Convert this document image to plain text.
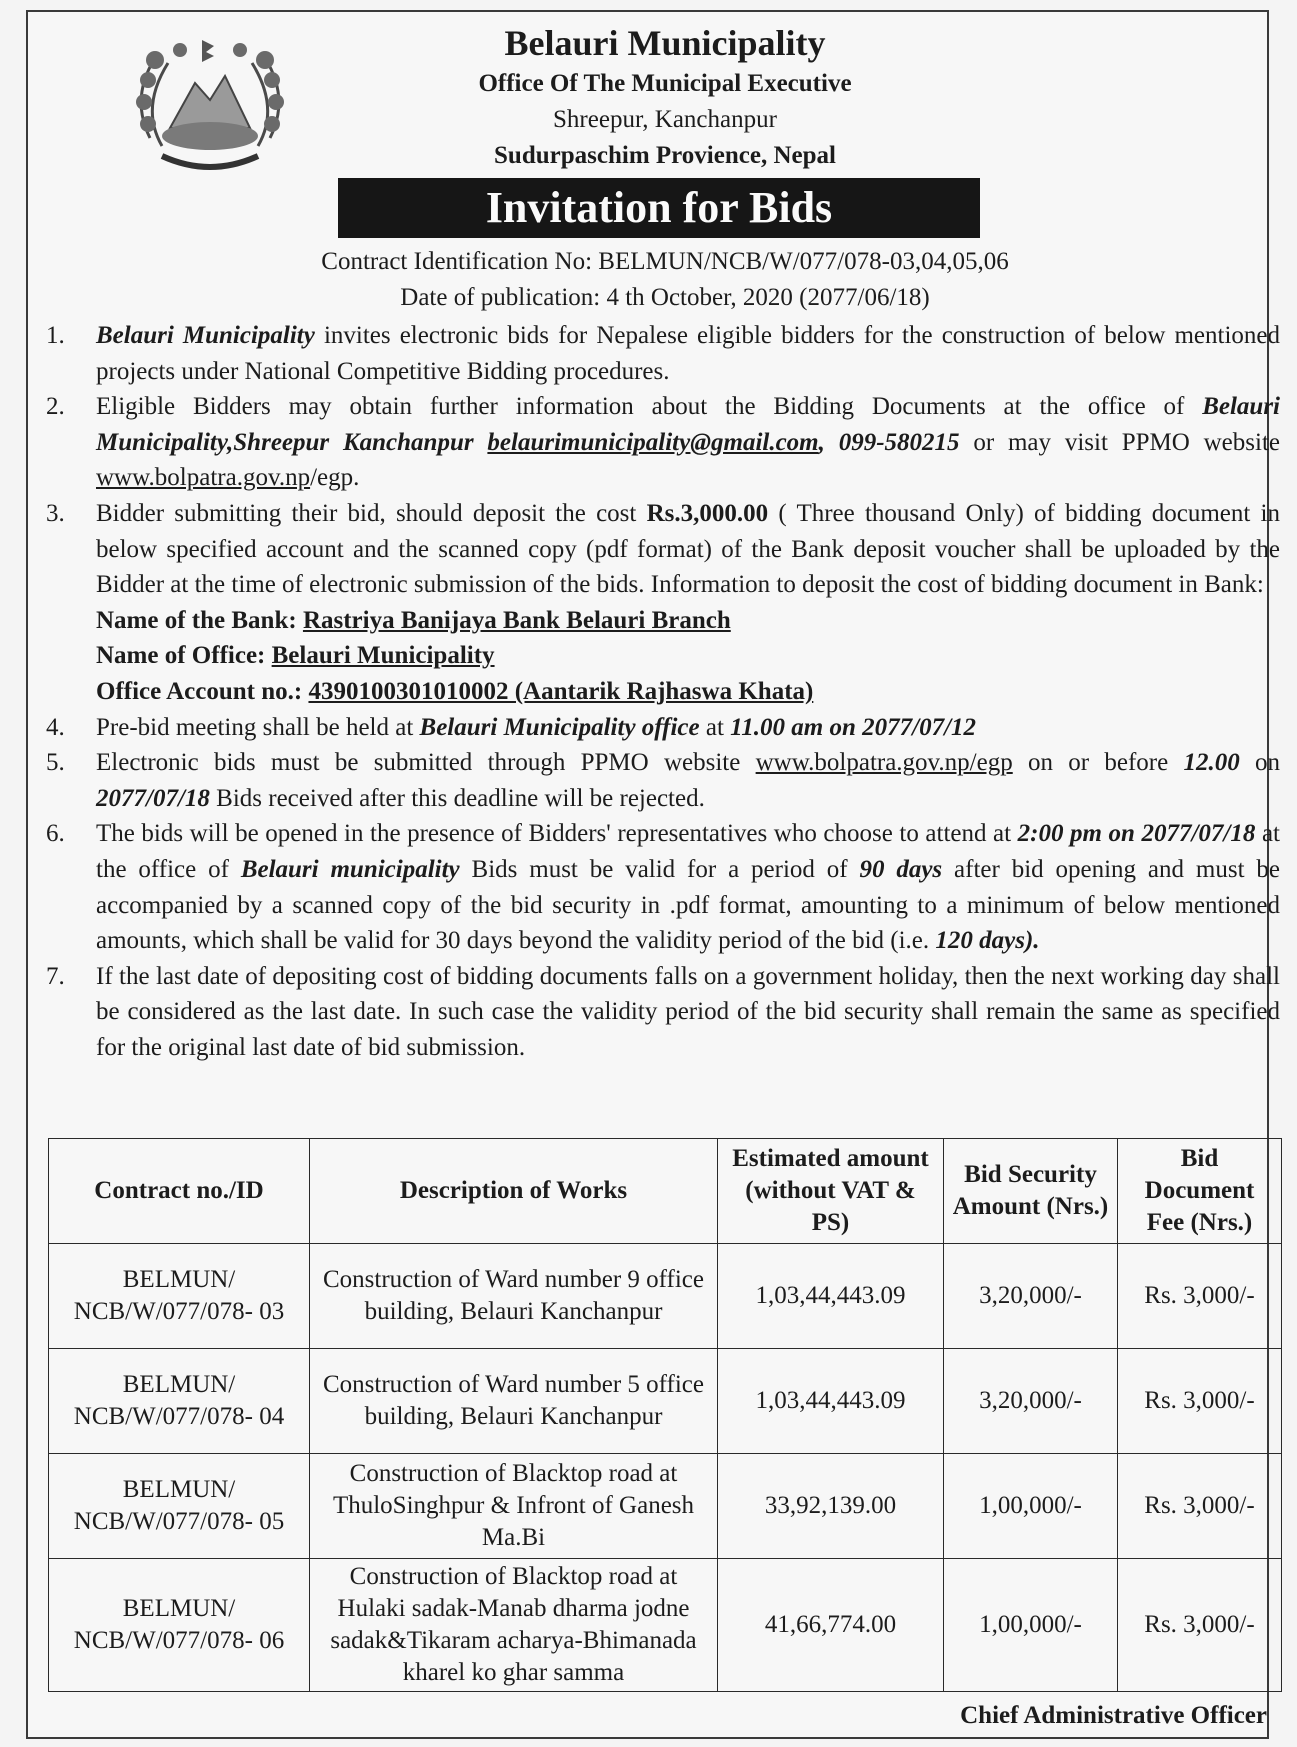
Belauri Municipality
Office Of The Municipal Executive
Shreepur, Kanchanpur
Sudurpaschim Provience, Nepal
Invitation for Bids
Contract Identification No: BELMUN/NCB/W/077/078-03,04,05,06
Date of publication: 4 th October, 2020 (2077/06/18)
1. Belauri Municipality invites electronic bids for Nepalese eligible bidders for the construction of below mentioned projects under National Competitive Bidding procedures.
2. Eligible Bidders may obtain further information about the Bidding Documents at the office of Belauri Municipality,Shreepur Kanchanpur belaurimunicipality@gmail.com, 099-580215 or may visit PPMO website www.bolpatra.gov.np/egp.
3. Bidder submitting their bid, should deposit the cost Rs.3,000.00 ( Three thousand Only) of bidding document in below specified account and the scanned copy (pdf format) of the Bank deposit voucher shall be uploaded by the Bidder at the time of electronic submission of the bids. Information to deposit the cost of bidding document in Bank:
Name of the Bank: Rastriya Banijaya Bank Belauri Branch
Name of Office: Belauri Municipality
Office Account no.: 4390100301010002 (Aantarik Rajhaswa Khata)
4. Pre-bid meeting shall be held at Belauri Municipality office at 11.00 am on 2077/07/12
5. Electronic bids must be submitted through PPMO website www.bolpatra.gov.np/egp on or before 12.00 on 2077/07/18 Bids received after this deadline will be rejected.
6. The bids will be opened in the presence of Bidders' representatives who choose to attend at 2:00 pm on 2077/07/18 at the office of Belauri municipality Bids must be valid for a period of 90 days after bid opening and must be accompanied by a scanned copy of the bid security in .pdf format, amounting to a minimum of below mentioned amounts, which shall be valid for 30 days beyond the validity period of the bid (i.e. 120 days).
7. If the last date of depositing cost of bidding documents falls on a government holiday, then the next working day shall be considered as the last date. In such case the validity period of the bid security shall remain the same as specified for the original last date of bid submission.
Contract no./ID	Description of Works	Estimated amount (without VAT & PS)	Bid Security Amount (Nrs.)	Bid Document Fee (Nrs.)

BELMUN/
NCB/W/077/078- 03	Construction of Ward number 9 office building, Belauri Kanchanpur	1,03,44,443.09	3,20,000/-	Rs. 3,000/-

BELMUN/
NCB/W/077/078- 04	Construction of Ward number 5 office building, Belauri Kanchanpur	1,03,44,443.09	3,20,000/-	Rs. 3,000/-

BELMUN/
NCB/W/077/078- 05	Construction of Blacktop road at ThuloSinghpur & Infront of Ganesh Ma.Bi	33,92,139.00	1,00,000/-	Rs. 3,000/-

BELMUN/
NCB/W/077/078- 06	Construction of Blacktop road at Hulaki sadak-Manab dharma jodne sadak&Tikaram acharya-Bhimanada kharel ko ghar samma	41,66,774.00	1,00,000/-	Rs. 3,000/-
Chief Administrative Officer
